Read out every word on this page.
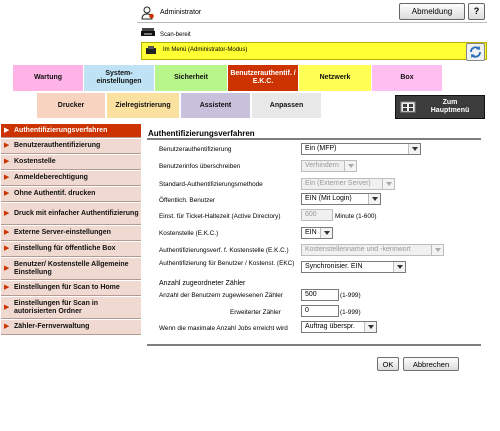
Administrator	Abmeldung	?
Scan-bereit
Im Menü (Administrator-Modus)
Wartung
System-
einstellungen
Sicherheit
Benutzerauthentif. /
E.K.C.
Netzwerk	Box
Drucker	Zielregistrierung	Assistent	Anpassen	Zum
Hauptmenü
▶ Authentifizierungsverfahren
▶ Benutzerauthentifizierung
▶ Kostenstelle
▶ Anmeldeberechtigung
▶ Ohne Authentif. drucken
▶ Druck mit einfacher Authentifizierung
▶ Externe Server-einstellungen
▶ Einstellung für öffentliche Box
▶
Benutzer/ Kostenstelle Allgemeine Einstellung
▶ Einstellungen für Scan to Home
▶
Einstellungen für Scan in autorisierten Ordner
▶ Zähler-Fernverwaltung
Authentifizierungsverfahren
Benutzerauthentifizierung	Ein (MFP)
Benutzerinfos überschreiben	Verhindern
Standard-Authentifizierungsmethode	Ein (Externer Server)
Öffentlich. Benutzer	EIN (Mit Login)
Einst. für Ticket-Haltezeit (Active Directory)	600	Minute (1-600)
Kostenstelle (E.K.C.)	EIN
Authentifizierungsverf. f. Kostenstelle (E.K.C.)	Kostenstellenname und -kennwort
Authentifizierung für Benutzer / Kostenst. (EKC)	Synchronisier. EIN
Anzahl zugeordneter Zähler
Anzahl der Benutzern zugewiesenen Zähler	500	(1-999)
Erweiterter Zähler	0	(1-999)
Wenn die maximale Anzahl Jobs erreicht wird	Auftrag überspr.
OK	Abbrechen
